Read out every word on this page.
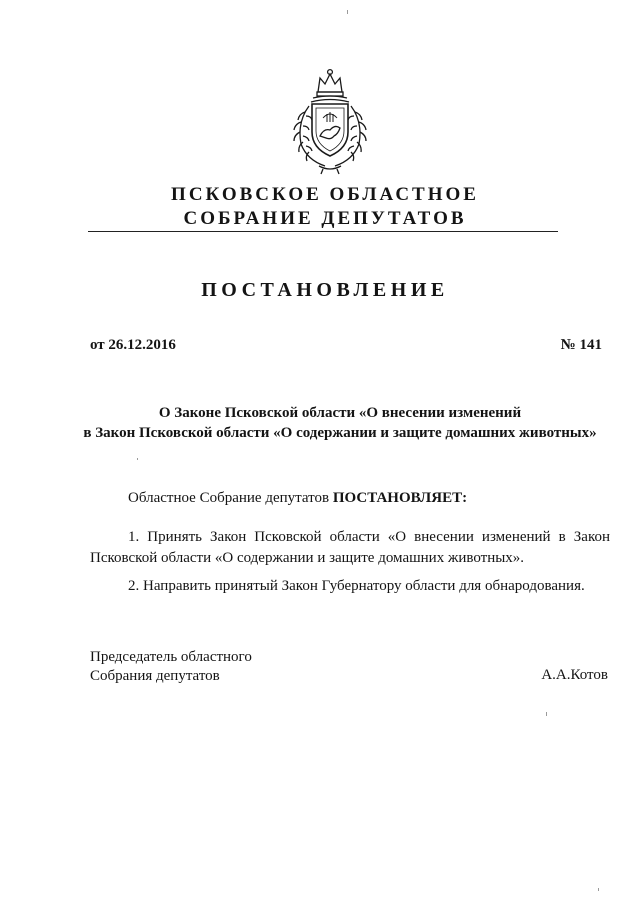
ПСКОВСКОЕ ОБЛАСТНОЕ
СОБРАНИЕ ДЕПУТАТОВ
ПОСТАНОВЛЕНИЕ
от 26.12.2016	№ 141
О Законе Псковской области «О внесении изменений
в Закон Псковской области «О содержании и защите домашних животных»
Областное Собрание депутатов ПОСТАНОВЛЯЕТ:
1. Принять Закон Псковской области «О внесении изменений в Закон
Псковской области «О содержании и защите домашних животных».
2. Направить принятый Закон Губернатору области для обнародования.
Председатель областного
Собрания депутатов	А.А.Котов
